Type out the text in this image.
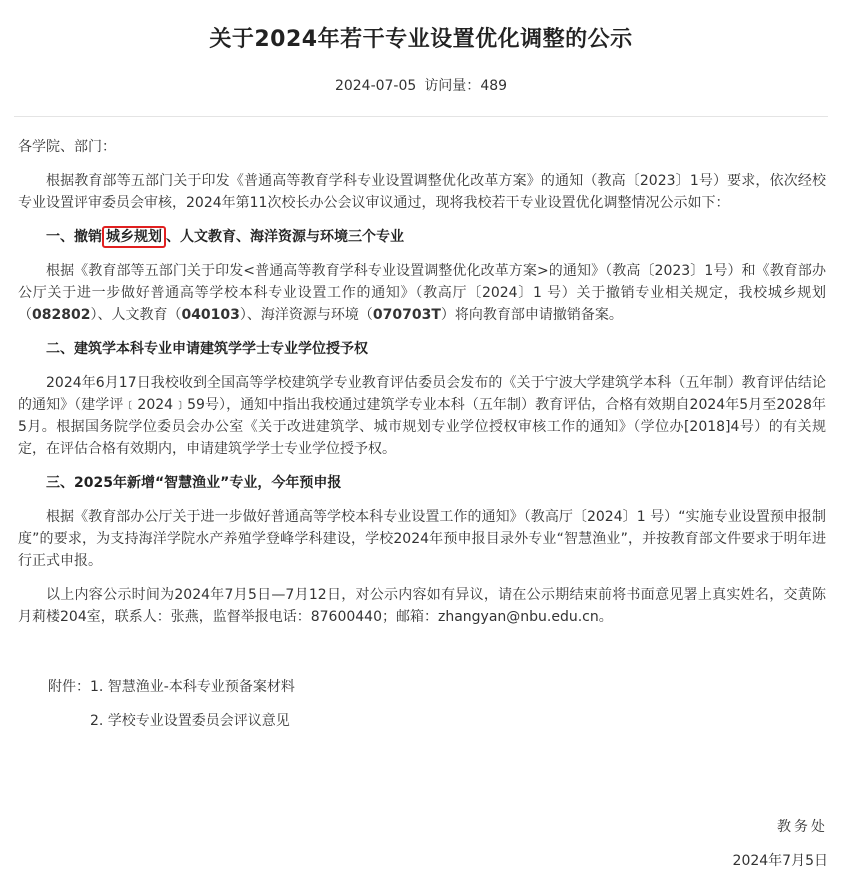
关于2024年若干专业设置优化调整的公示
2024-07-05 访问量：489

各学院、部门：

根据教育部等五部门关于印发《普通高等教育学科专业设置调整优化改革方案》的通知（教高〔2023〕1号）要求，依次经校专业设置评审委员会审核，2024年第11次校长办公会议审议通过，现将我校若干专业设置优化调整情况公示如下：

一、撤销 城乡规划 、人文教育、海洋资源与环境三个专业

根据《教育部等五部门关于印发<普通高等教育学科专业设置调整优化改革方案>的通知》（教高〔2023〕1号）和《教育部办公厅关于进一步做好普通高等学校本科专业设置工作的通知》（教高厅〔2024〕1 号）关于撤销专业相关规定，我校城乡规划（082802）、人文教育（040103）、海洋资源与环境（070703T）将向教育部申请撤销备案。

二、建筑学本科专业申请建筑学学士专业学位授予权

2024年6月17日我校收到全国高等学校建筑学专业教育评估委员会发布的《关于宁波大学建筑学本科（五年制）教育评估结论的通知》（建学评﹝2024﹞59号），通知中指出我校通过建筑学专业本科（五年制）教育评估，合格有效期自2024年5月至2028年5月。根据国务院学位委员会办公室《关于改进建筑学、城市规划专业学位授权审核工作的通知》（学位办[2018]4号）的有关规定，在评估合格有效期内，申请建筑学学士专业学位授予权。

三、2025年新增“智慧渔业”专业，今年预申报

根据《教育部办公厅关于进一步做好普通高等学校本科专业设置工作的通知》（教高厅〔2024〕1 号）“实施专业设置预申报制度”的要求，为支持海洋学院水产养殖学登峰学科建设，学校2024年预申报目录外专业“智慧渔业”，并按教育部文件要求于明年进行正式申报。

以上内容公示时间为2024年7月5日—7月12日，对公示内容如有异议，请在公示期结束前将书面意见署上真实姓名，交黄陈月莉楼204室，联系人：张燕，监督举报电话：87600440；邮箱：zhangyan@nbu.edu.cn。

附件：1. 智慧渔业-本科专业预备案材料
2. 学校专业设置委员会评议意见
教务处
2024年7月5日
